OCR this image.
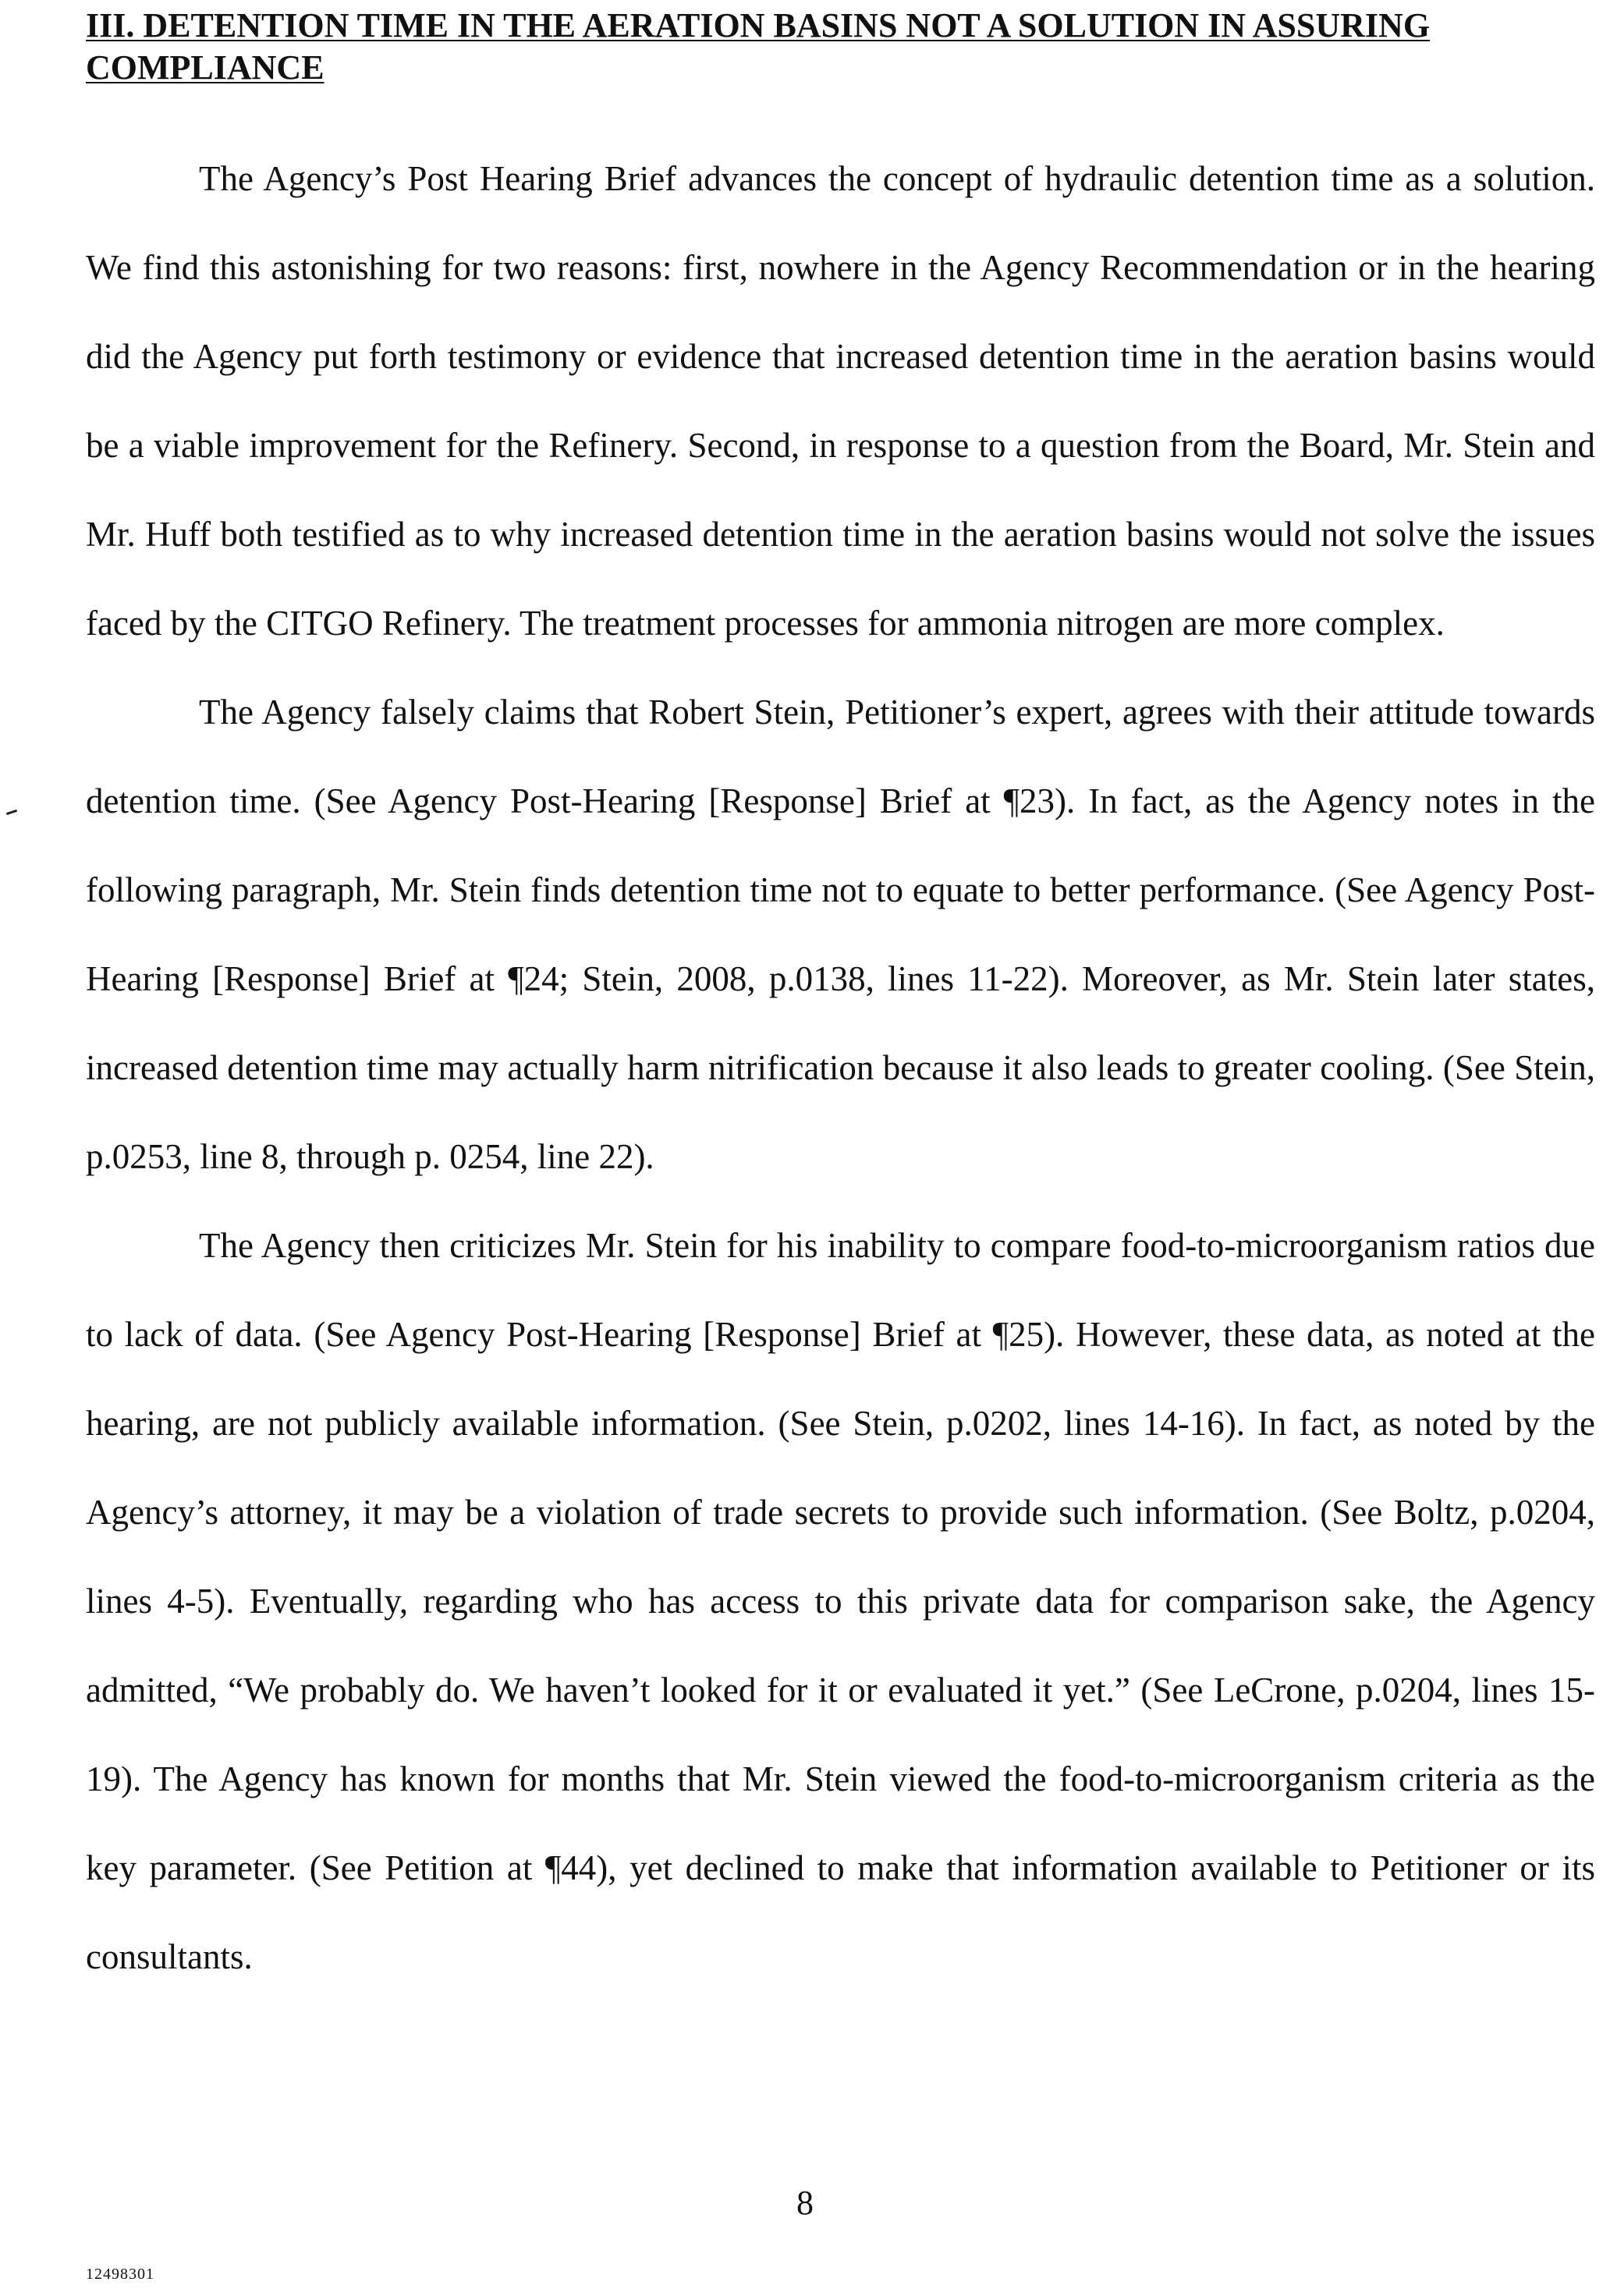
III. DETENTION TIME IN THE AERATION BASINS NOT A SOLUTION IN ASSURING COMPLIANCE

The Agency’s Post Hearing Brief advances the concept of hydraulic detention time as a solution. We find this astonishing for two reasons: first, nowhere in the Agency Recommendation or in the hearing did the Agency put forth testimony or evidence that increased detention time in the aeration basins would be a viable improvement for the Refinery. Second, in response to a question from the Board, Mr. Stein and Mr. Huff both testified as to why increased detention time in the aeration basins would not solve the issues faced by the CITGO Refinery. The treatment processes for ammonia nitrogen are more complex.

The Agency falsely claims that Robert Stein, Petitioner’s expert, agrees with their attitude towards detention time. (See Agency Post-Hearing [Response] Brief at ¶23). In fact, as the Agency notes in the following paragraph, Mr. Stein finds detention time not to equate to better performance. (See Agency Post-Hearing [Response] Brief at ¶24; Stein, 2008, p.0138, lines 11-22). Moreover, as Mr. Stein later states, increased detention time may actually harm nitrification because it also leads to greater cooling. (See Stein, p.0253, line 8, through p. 0254, line 22).

The Agency then criticizes Mr. Stein for his inability to compare food-to-microorganism ratios due to lack of data. (See Agency Post-Hearing [Response] Brief at ¶25). However, these data, as noted at the hearing, are not publicly available information. (See Stein, p.0202, lines 14-16). In fact, as noted by the Agency’s attorney, it may be a violation of trade secrets to provide such information. (See Boltz, p.0204, lines 4-5). Eventually, regarding who has access to this private data for comparison sake, the Agency admitted, “We probably do. We haven’t looked for it or evaluated it yet.” (See LeCrone, p.0204, lines 15-19). The Agency has known for months that Mr. Stein viewed the food-to-microorganism criteria as the key parameter. (See Petition at ¶44), yet declined to make that information available to Petitioner or its consultants.

8
12498301
